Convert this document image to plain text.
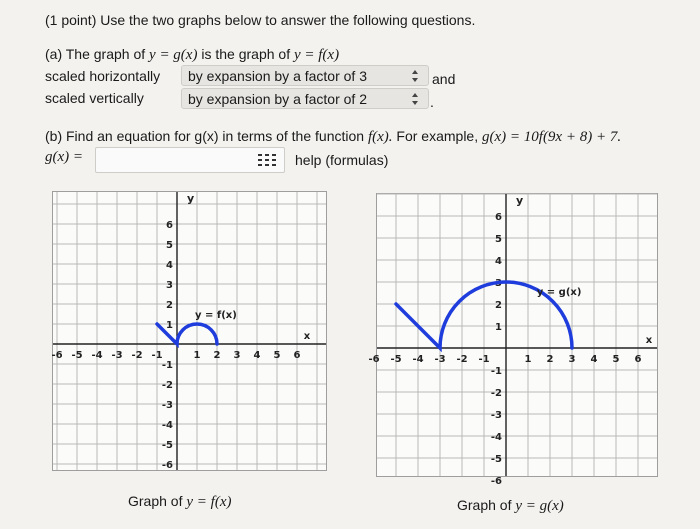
(1 point) Use the two graphs below to answer the following questions.
(a) The graph of y = g(x) is the graph of y = f(x)
scaled horizontally	by expansion by a factor of 3	and
scaled vertically	by expansion by a factor of 2	.
(b) Find an equation for g(x) in terms of the function f(x). For example, g(x) = 10f(9x + 8) + 7.
g(x) =	help (formulas)
-6 -5 -4 -3 -2 -1	1 2 3 4 5 6
6
5
4
3
2
1
-1
-2
-3
-4
-5
-6
x
y
y = f(x)
Graph of y = f(x)
-6 -5 -4 -3 -2 -1	1 2 3 4 5 6
6
5
4
3
2
1
-1
-2
-3
-4
-5
-6
x
y
y = g(x)
Graph of y = g(x)
